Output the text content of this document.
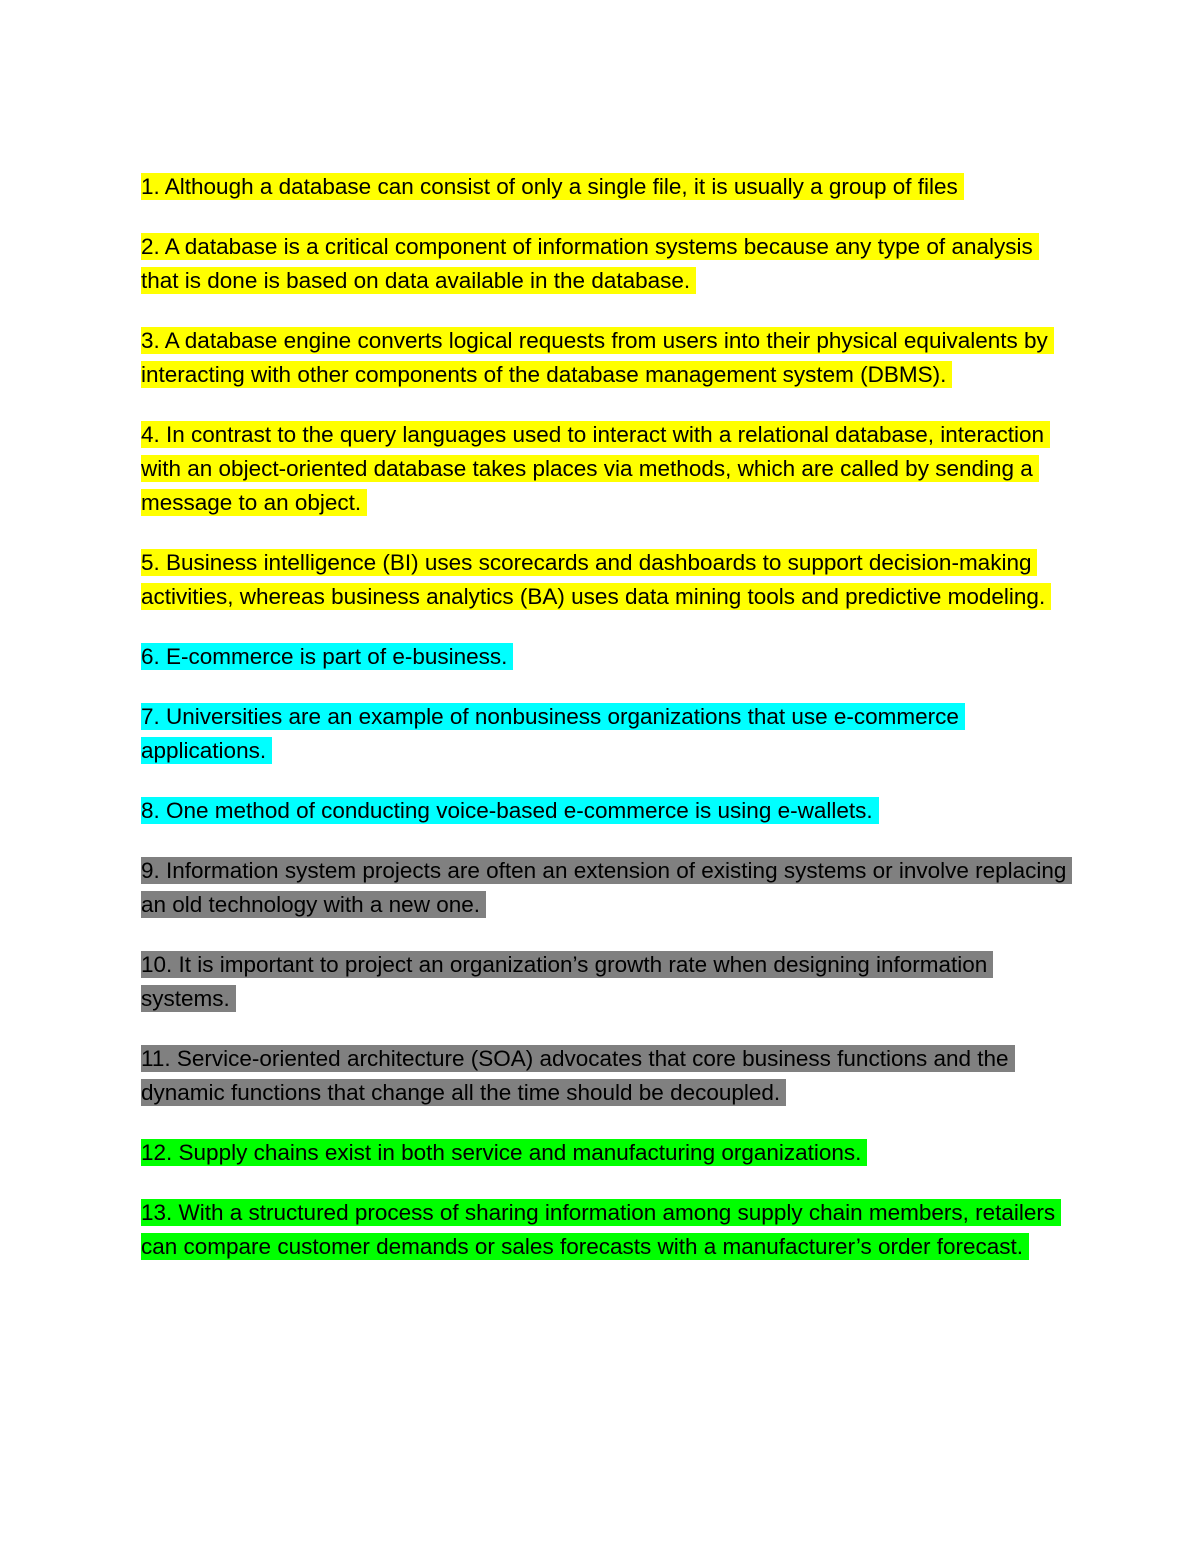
1. Although a database can consist of only a single file, it is usually a group of files

2. A database is a critical component of information systems because any type of analysis that is done is based on data available in the database.

3. A database engine converts logical requests from users into their physical equivalents by interacting with other components of the database management system (DBMS).

4. In contrast to the query languages used to interact with a relational database, interaction with an object-oriented database takes places via methods, which are called by sending a message to an object.

5. Business intelligence (BI) uses scorecards and dashboards to support decision-making activities, whereas business analytics (BA) uses data mining tools and predictive modeling.

6. E-commerce is part of e-business.

7. Universities are an example of nonbusiness organizations that use e-commerce applications.

8. One method of conducting voice-based e-commerce is using e-wallets.

9. Information system projects are often an extension of existing systems or involve replacing an old technology with a new one.

10. It is important to project an organization’s growth rate when designing information systems.

11. Service-oriented architecture (SOA) advocates that core business functions and the dynamic functions that change all the time should be decoupled.

12. Supply chains exist in both service and manufacturing organizations.

13. With a structured process of sharing information among supply chain members, retailers can compare customer demands or sales forecasts with a manufacturer’s order forecast.
